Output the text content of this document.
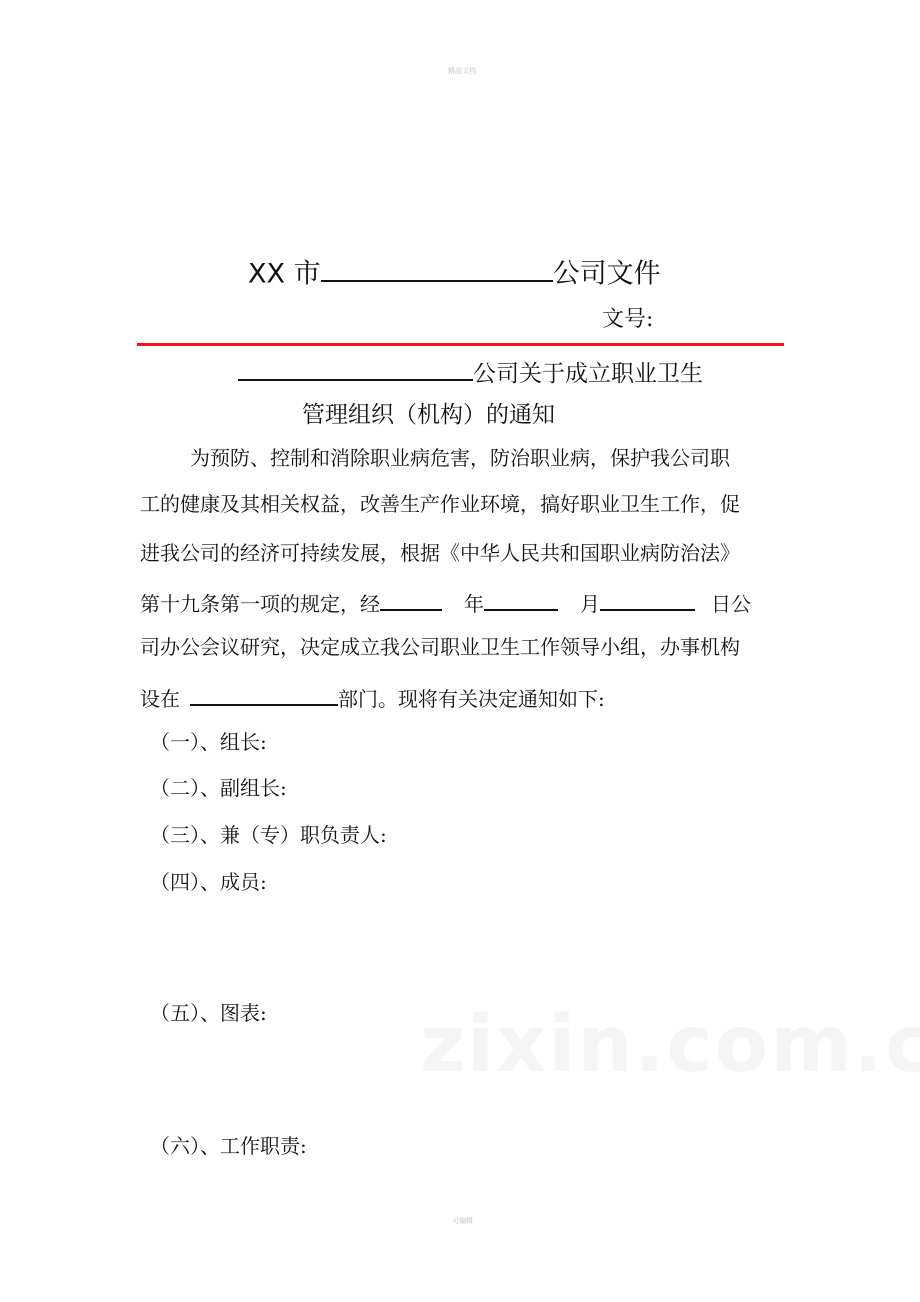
精品文档
XX 市	公司文件
文号:
公司关于成立职业卫生
管理组织（机构）的通知
为预防、控制和消除职业病危害，防治职业病，保护我公司职
工的健康及其相关权益，改善生产作业环境，搞好职业卫生工作，促
进我公司的经济可持续发展，根据《中华人民共和国职业病防治法》
第十九条第一项的规定，经	年	月	日公
司办公会议研究，决定成立我公司职业卫生工作领导小组，办事机构
设在	部门。现将有关决定通知如下:
（一）、组长:
（二）、副组长:
（三）、兼（专）职负责人:
（四）、成员:
（五）、图表:
（六）、工作职责:
可编辑
